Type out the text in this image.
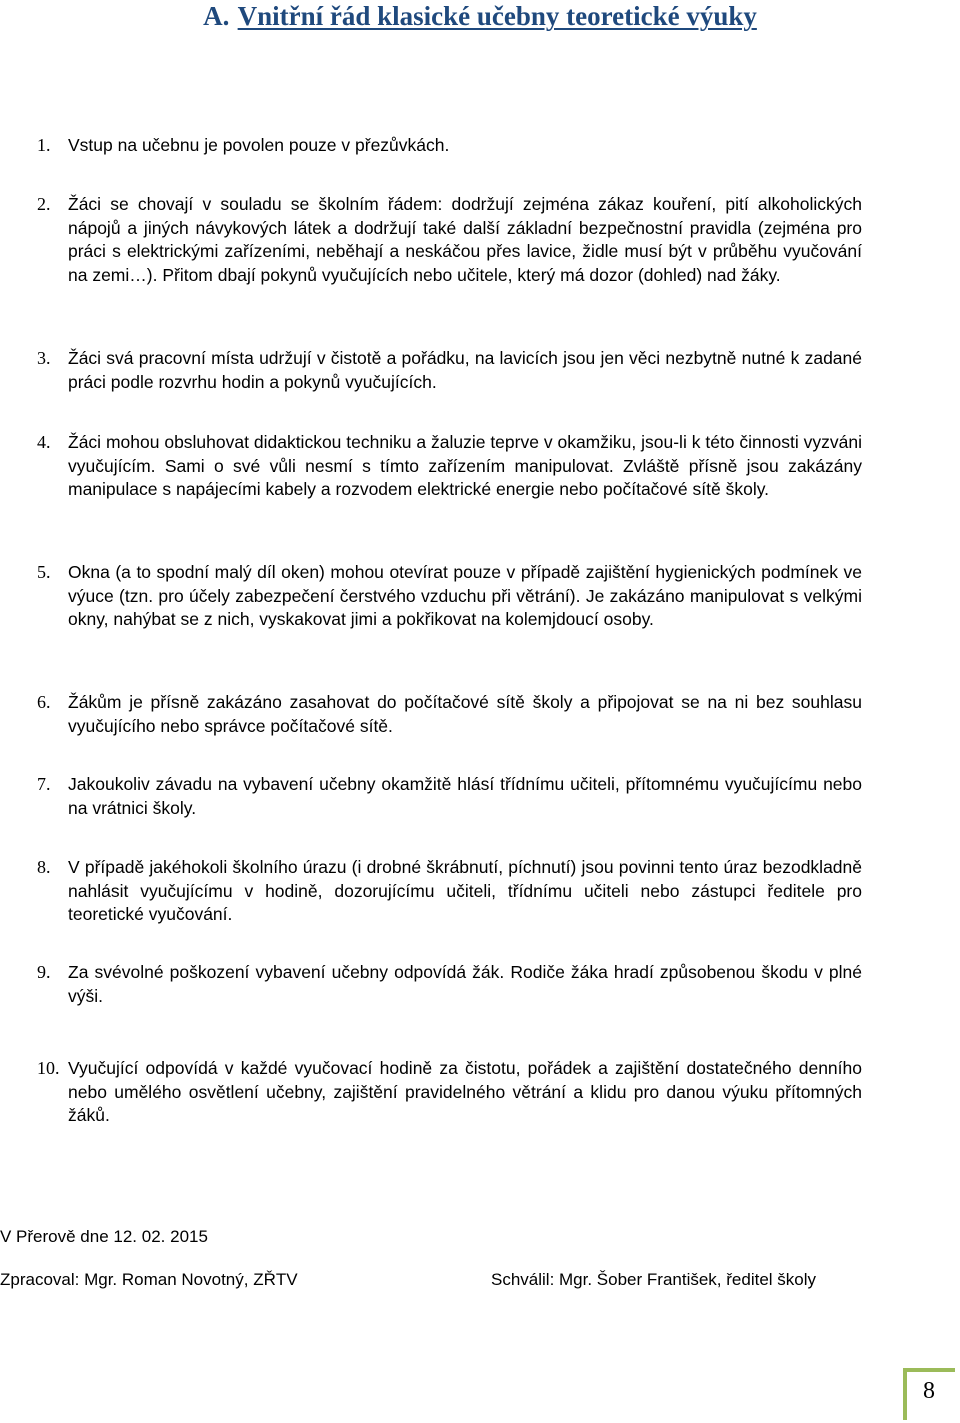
A. Vnitřní řád klasické učebny teoretické výuky
1. Vstup na učebnu je povolen pouze v přezůvkách.
2. Žáci se chovají v souladu se školním řádem: dodržují zejména zákaz kouření, pití alkoholických nápojů a jiných návykových látek a dodržují také další základní bezpečnostní pravidla (zejména pro práci s elektrickými zařízeními, neběhají a neskáčou přes lavice, židle musí být v průběhu vyučování na zemi…). Přitom dbají pokynů vyučujících nebo učitele, který má dozor (dohled) nad žáky.
3. Žáci svá pracovní místa udržují v čistotě a pořádku, na lavicích jsou jen věci nezbytně nutné k zadané práci podle rozvrhu hodin a pokynů vyučujících.
4. Žáci mohou obsluhovat didaktickou techniku a žaluzie teprve v okamžiku, jsou-li k této činnosti vyzváni vyučujícím. Sami o své vůli nesmí s tímto zařízením manipulovat. Zvláště přísně jsou zakázány manipulace s napájecími kabely a rozvodem elektrické energie nebo počítačové sítě školy.
5. Okna (a to spodní malý díl oken) mohou otevírat pouze v případě zajištění hygienických podmínek ve výuce (tzn. pro účely zabezpečení čerstvého vzduchu při větrání). Je zakázáno manipulovat s velkými okny, nahýbat se z nich, vyskakovat jimi a pokřikovat na kolemjdoucí osoby.
6. Žákům je přísně zakázáno zasahovat do počítačové sítě školy a připojovat se na ni bez souhlasu vyučujícího nebo správce počítačové sítě.
7. Jakoukoliv závadu na vybavení učebny okamžitě hlásí třídnímu učiteli, přítomnému vyučujícímu nebo na vrátnici školy.
8. V případě jakéhokoli školního úrazu (i drobné škrábnutí, píchnutí) jsou povinni tento úraz bezodkladně nahlásit vyučujícímu v hodině, dozorujícímu učiteli, třídnímu učiteli nebo zástupci ředitele pro teoretické vyučování.
9. Za svévolné poškození vybavení učebny odpovídá žák. Rodiče žáka hradí způsobenou škodu v plné výši.
10. Vyučující odpovídá v každé vyučovací hodině za čistotu, pořádek a zajištění dostatečného denního nebo umělého osvětlení učebny, zajištění pravidelného větrání a klidu pro danou výuku přítomných žáků.
V Přerově dne 12. 02. 2015
Zpracoval: Mgr. Roman Novotný, ZŘTV	Schválil: Mgr. Šober František, ředitel školy
8
